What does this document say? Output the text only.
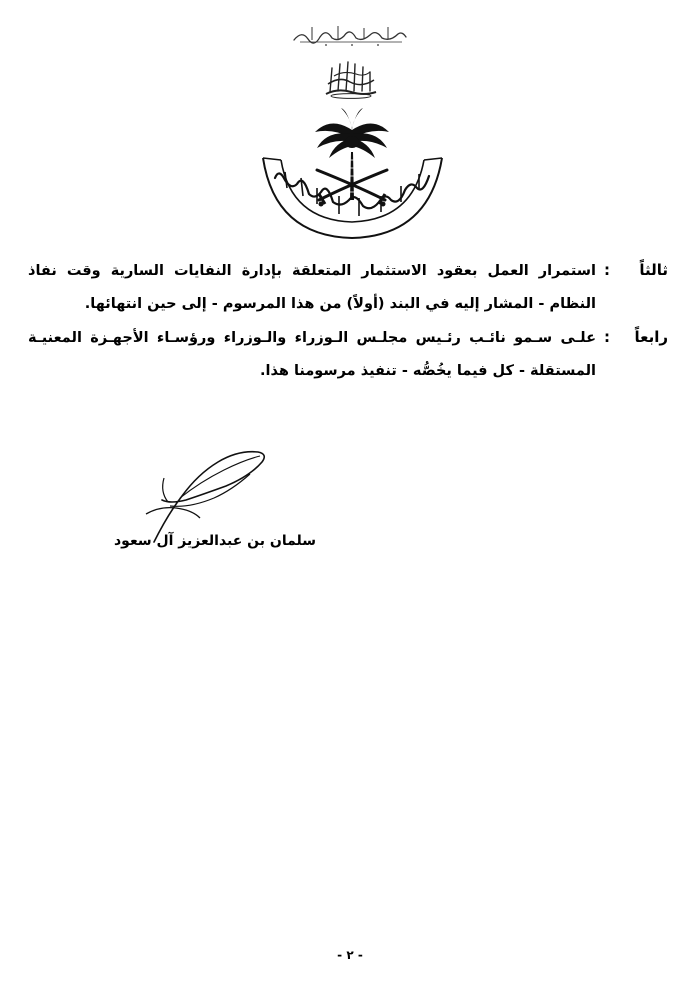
ثالثاً
:
استمرار العمل بعقود الاستثمار المتعلقة بإدارة النفايات السارية وقت نفاذ النظام - المشار إليه في البند (أولاً) من هذا المرسوم - إلى حين انتهائها.
رابعاً
:
علـى سـمو نائـب رئـيس مجلـس الـوزراء والـوزراء ورؤسـاء الأجهـزة المعنيـة المستقلة - كل فيما يخُصُّه - تنفيذ مرسومنا هذا.
سلمان بن عبدالعزيز آل سعود
- ٢ -
